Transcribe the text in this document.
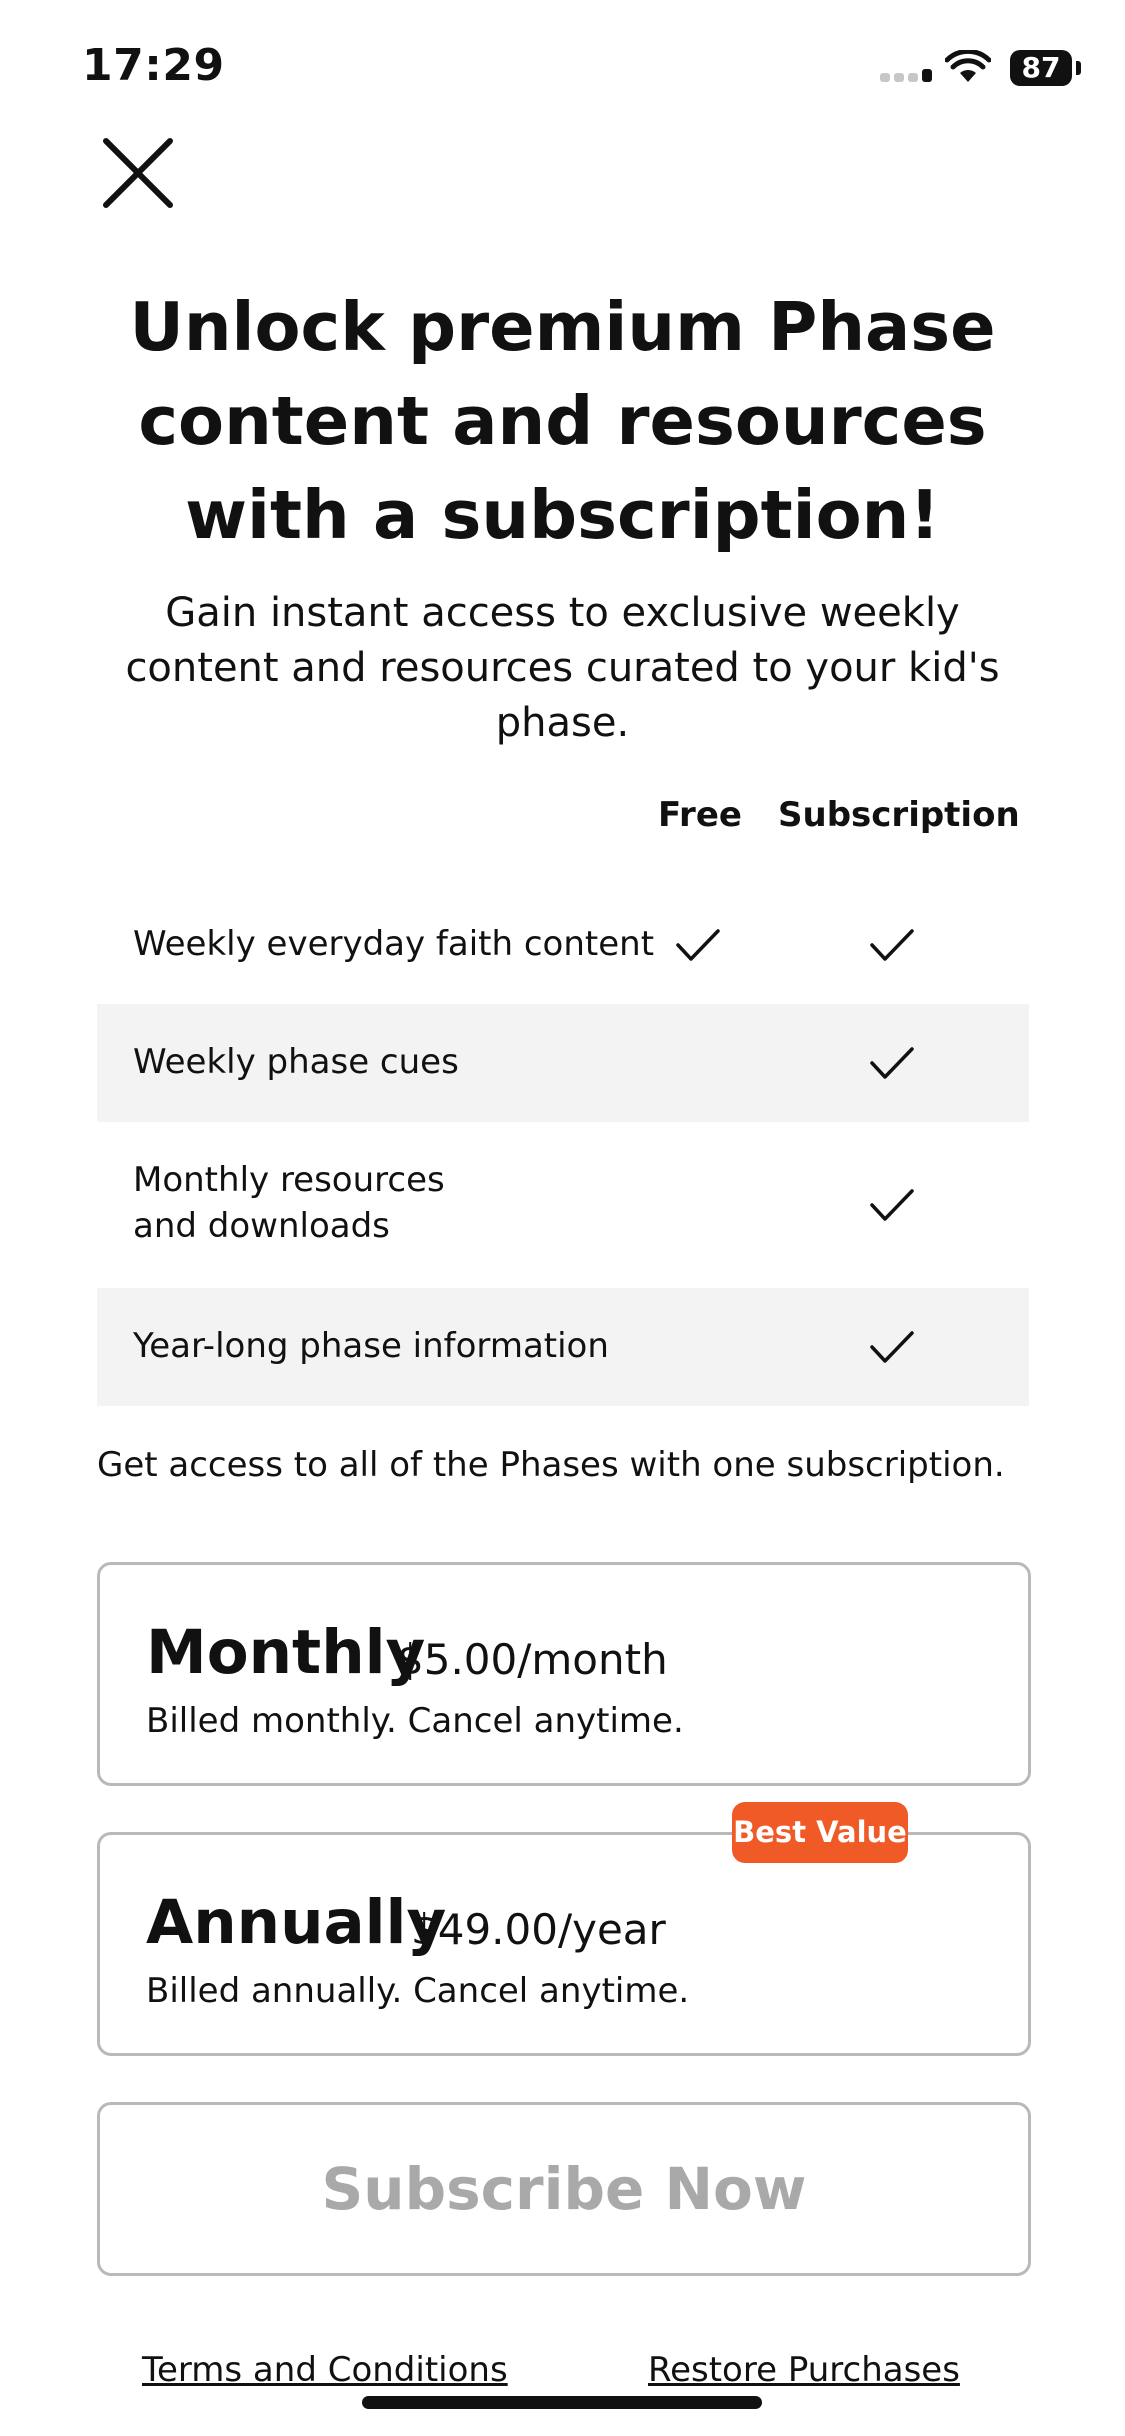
17:29	87
Unlock premium Phase content and resources with a subscription!
Gain instant access to exclusive weekly content and resources curated to your kid's phase.
Free Subscription
Weekly everyday faith content
Weekly phase cues
Monthly resources
and downloads
Year-long phase information
Get access to all of the Phases with one subscription.
Monthly
$5.00/month
Billed monthly. Cancel anytime.
Annually
$49.00/year
Billed annually. Cancel anytime.
Best Value
Subscribe Now
Terms and Conditions	Restore Purchases
